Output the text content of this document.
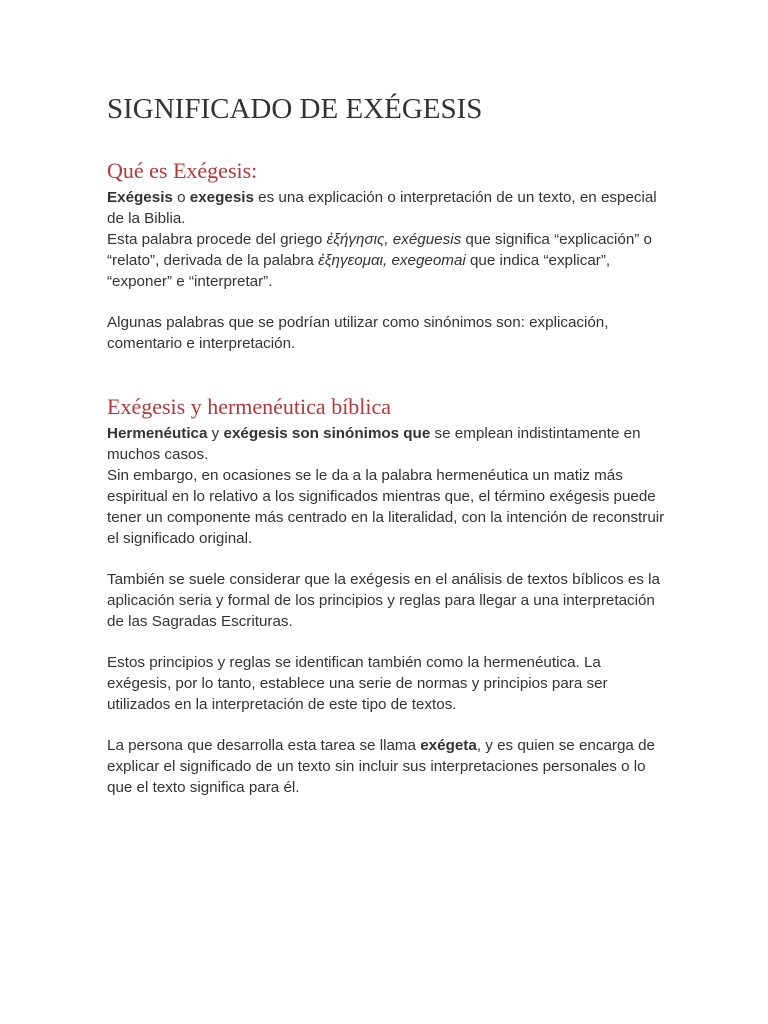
SIGNIFICADO DE EXÉGESIS
Qué es Exégesis:

Exégesis o exegesis es una explicación o interpretación de un texto, en especial de la Biblia.

Esta palabra procede del griego ἐξήγησις, exéguesis que significa “explicación” o “relato”, derivada de la palabra ἐξηγεομαι, exegeomai que indica “explicar”, “exponer” e “interpretar”.

Algunas palabras que se podrían utilizar como sinónimos son: explicación, comentario e interpretación.

Exégesis y hermenéutica bíblica

Hermenéutica y exégesis son sinónimos que se emplean indistintamente en muchos casos.

Sin embargo, en ocasiones se le da a la palabra hermenéutica un matiz más espiritual en lo relativo a los significados mientras que, el término exégesis puede tener un componente más centrado en la literalidad, con la intención de reconstruir el significado original.

También se suele considerar que la exégesis en el análisis de textos bíblicos es la aplicación seria y formal de los principios y reglas para llegar a una interpretación de las Sagradas Escrituras.

Estos principios y reglas se identifican también como la hermenéutica. La exégesis, por lo tanto, establece una serie de normas y principios para ser utilizados en la interpretación de este tipo de textos.

La persona que desarrolla esta tarea se llama exégeta, y es quien se encarga de explicar el significado de un texto sin incluir sus interpretaciones personales o lo que el texto significa para él.
